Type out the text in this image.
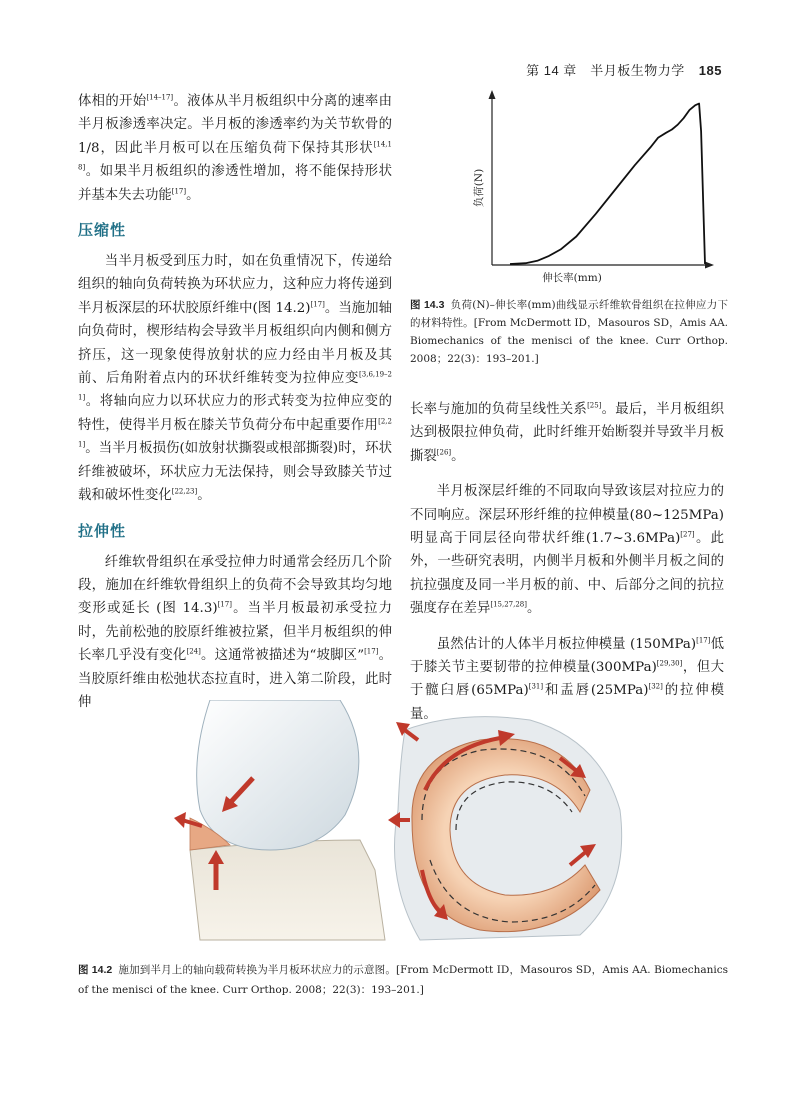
第 14 章　半月板生物力学 185

体相的开始[14–17]。液体从半月板组织中分离的速率由半月板渗透率决定。半月板的渗透率约为关节软骨的1/8，因此半月板可以在压缩负荷下保持其形状[14,18]。如果半月板组织的渗透性增加，将不能保持形状并基本失去功能[17]。

压缩性

当半月板受到压力时，如在负重情况下，传递给组织的轴向负荷转换为环状应力，这种应力将传递到半月板深层的环状胶原纤维中(图 14.2)[17]。当施加轴向负荷时，楔形结构会导致半月板组织向内侧和侧方挤压，这一现象使得放射状的应力经由半月板及其前、后角附着点内的环状纤维转变为拉伸应变[3,6,19–21]。将轴向应力以环状应力的形式转变为拉伸应变的特性，使得半月板在膝关节负荷分布中起重要作用[2,21]。当半月板损伤(如放射状撕裂或根部撕裂)时，环状纤维被破坏，环状应力无法保持，则会导致膝关节过载和破坏性变化[22,23]。

拉伸性

纤维软骨组织在承受拉伸力时通常会经历几个阶段，施加在纤维软骨组织上的负荷不会导致其均匀地变形或延长 (图 14.3)[17]。当半月板最初承受拉力时，先前松弛的胶原纤维被拉紧，但半月板组织的伸长率几乎没有变化[24]。这通常被描述为“坡脚区”[17]。当胶原纤维由松弛状态拉直时，进入第二阶段，此时伸

负荷(N)
伸长率(mm)
图 14.3 负荷(N)–伸长率(mm)曲线显示纤维软骨组织在拉伸应力下的材料特性。[From McDermott ID，Masouros SD，Amis AA. Biomechanics of the menisci of the knee. Curr Orthop. 2008；22(3)：193–201.]

长率与施加的负荷呈线性关系[25]。最后，半月板组织达到极限拉伸负荷，此时纤维开始断裂并导致半月板撕裂[26]。

半月板深层纤维的不同取向导致该层对拉应力的不同响应。深层环形纤维的拉伸模量(80~125MPa)明显高于同层径向带状纤维(1.7~3.6MPa)[27]。此外，一些研究表明，内侧半月板和外侧半月板之间的抗拉强度及同一半月板的前、中、后部分之间的抗拉强度存在差异[15,27,28]。

虽然估计的人体半月板拉伸模量 (150MPa)[17]低于膝关节主要韧带的拉伸模量(300MPa)[29,30]，但大于髋臼唇(65MPa)[31]和盂唇(25MPa)[32]的拉伸模量。

图 14.2 施加到半月上的轴向载荷转换为半月板环状应力的示意图。[From McDermott ID，Masouros SD，Amis AA. Biomechanics of the menisci of the knee. Curr Orthop. 2008；22(3)：193–201.]
